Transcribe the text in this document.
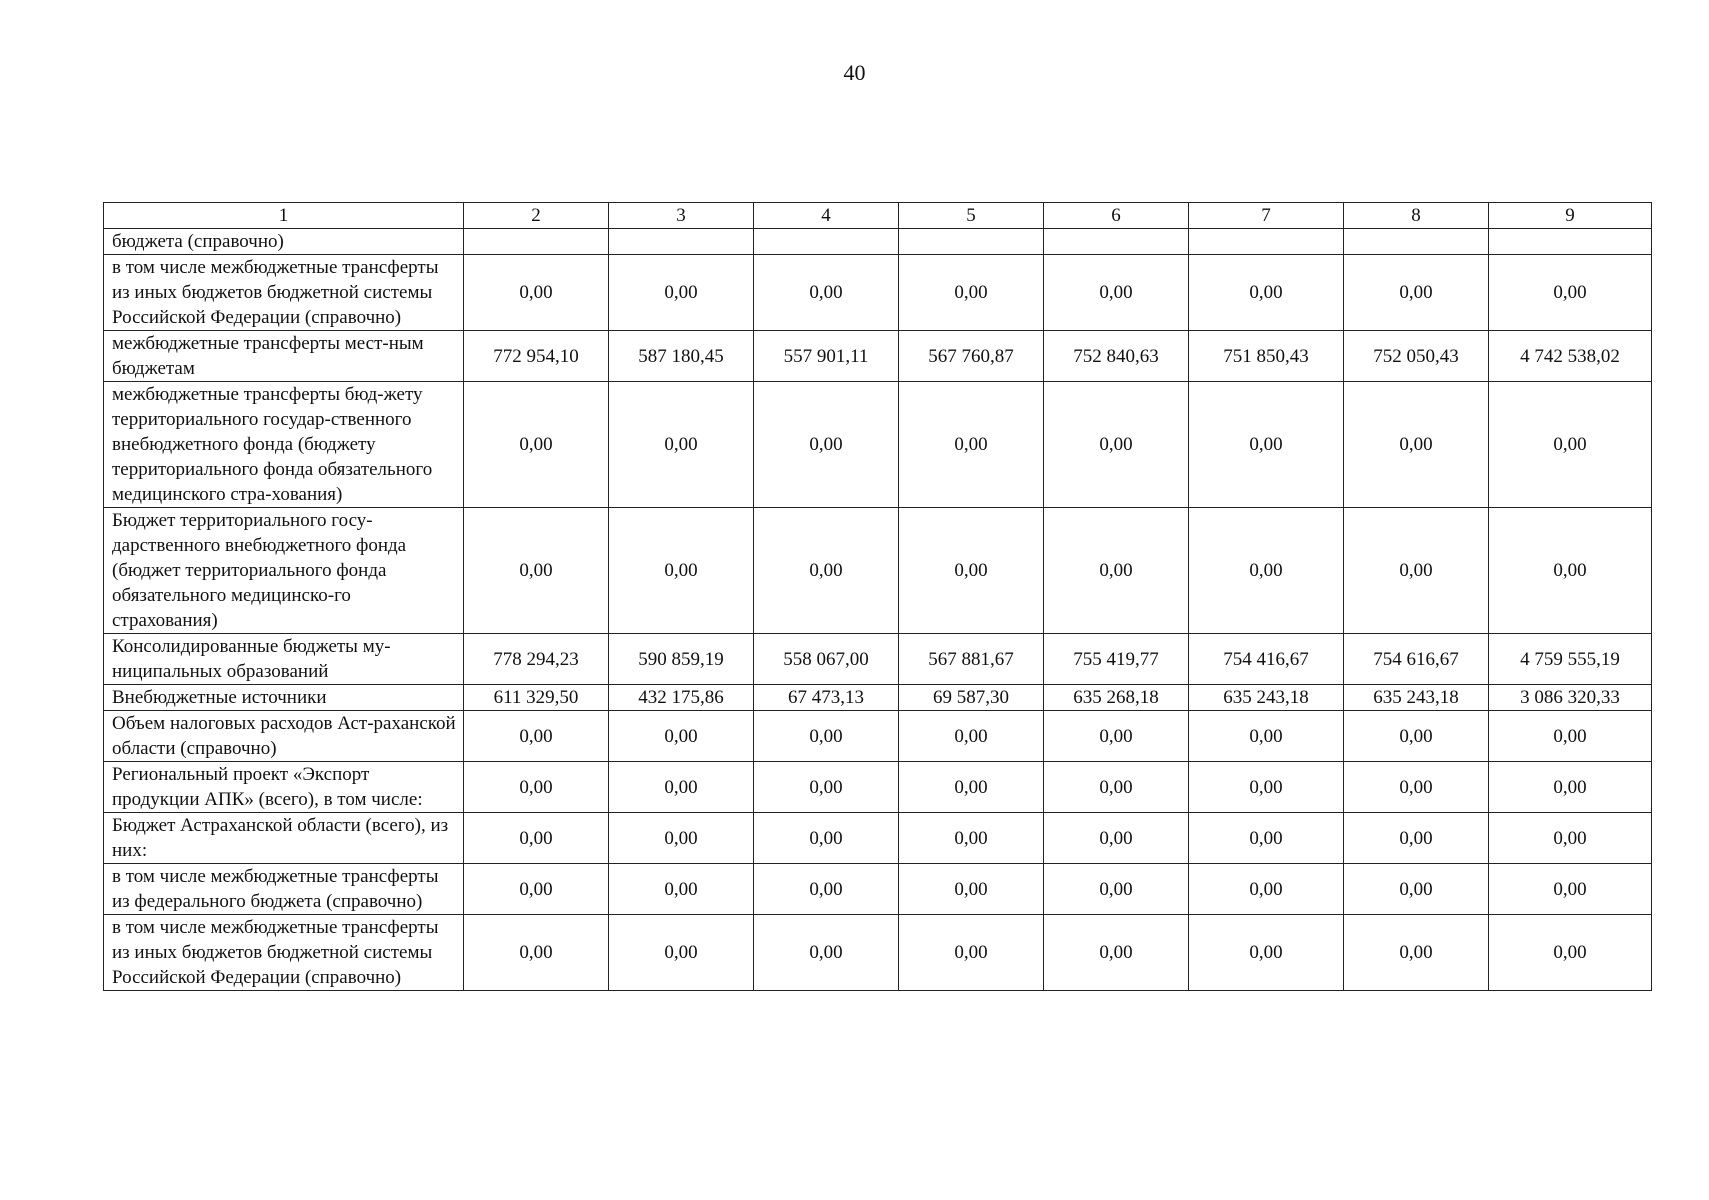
40
1	2	3	4	5	6	7	8	9
бюджета (справочно)								
в том числе межбюджетные трансферты из иных бюджетов бюджетной системы Российской Федерации (справочно)	0,00	0,00	0,00	0,00	0,00	0,00	0,00	0,00
межбюджетные трансферты мест-ным бюджетам	772 954,10	587 180,45	557 901,11	567 760,87	752 840,63	751 850,43	752 050,43	4 742 538,02
межбюджетные трансферты бюд-жету территориального государ-ственного внебюджетного фонда (бюджету территориального фонда обязательного медицинского стра-хования)	0,00	0,00	0,00	0,00	0,00	0,00	0,00	0,00
Бюджет территориального госу-дарственного внебюджетного фонда (бюджет территориального фонда обязательного медицинско-го страхования)	0,00	0,00	0,00	0,00	0,00	0,00	0,00	0,00
Консолидированные бюджеты му-ниципальных образований	778 294,23	590 859,19	558 067,00	567 881,67	755 419,77	754 416,67	754 616,67	4 759 555,19
Внебюджетные источники	611 329,50	432 175,86	67 473,13	69 587,30	635 268,18	635 243,18	635 243,18	3 086 320,33
Объем налоговых расходов Аст-раханской области (справочно)	0,00	0,00	0,00	0,00	0,00	0,00	0,00	0,00
Региональный проект «Экспорт продукции АПК» (всего), в том числе:	0,00	0,00	0,00	0,00	0,00	0,00	0,00	0,00
Бюджет Астраханской области (всего), из них:	0,00	0,00	0,00	0,00	0,00	0,00	0,00	0,00
в том числе межбюджетные трансферты из федерального бюджета (справочно)	0,00	0,00	0,00	0,00	0,00	0,00	0,00	0,00
в том числе межбюджетные трансферты из иных бюджетов бюджетной системы Российской Федерации (справочно)	0,00	0,00	0,00	0,00	0,00	0,00	0,00	0,00
